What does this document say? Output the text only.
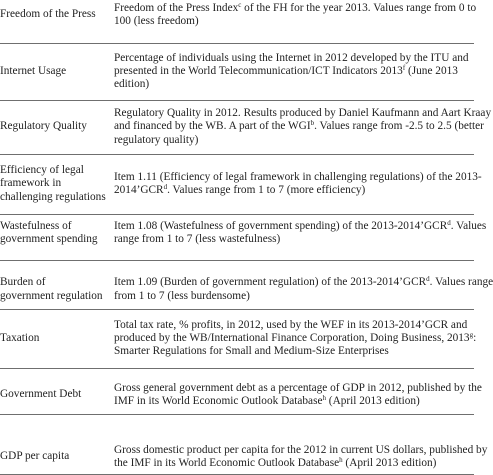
Freedom of the Press	Freedom of the Press Index$^c$ of the FH for the year 2013. Values range from 0 to
100 (less freedom)

Internet Usage	Percentage of individuals using the Internet in 2012 developed by the ITU and
presented in the World Telecommunication/ICT Indicators 2013$^f$ (June 2013
edition)

Regulatory Quality	Regulatory Quality in 2012. Results produced by Daniel Kaufmann and Aart Kraay
and financed by the WB. A part of the WGI$^b$. Values range from -2.5 to 2.5 (better
regulatory quality)

Efficiency of legal
framework in
challenging regulations	Item 1.11 (Efficiency of legal framework in challenging regulations) of the 2013-
2014’GCR$^d$. Values range from 1 to 7 (more efficiency)

Wastefulness of
government spending	Item 1.08 (Wastefulness of government spending) of the 2013-2014’GCR$^d$. Values
range from 1 to 7 (less wastefulness)

Burden of
government regulation	Item 1.09 (Burden of government regulation) of the 2013-2014’GCR$^d$. Values range
from 1 to 7 (less burdensome)

Taxation	Total tax rate, % profits, in 2012, used by the WEF in its 2013-2014’GCR and
produced by the WB/International Finance Corporation, Doing Business, 2013$^g$:
Smarter Regulations for Small and Medium-Size Enterprises

Government Debt	Gross general government debt as a percentage of GDP in 2012, published by the
IMF in its World Economic Outlook Database$^h$ (April 2013 edition)

GDP per capita	Gross domestic product per capita for the 2012 in current US dollars, published by
the IMF in its World Economic Outlook Database$^h$ (April 2013 edition)
